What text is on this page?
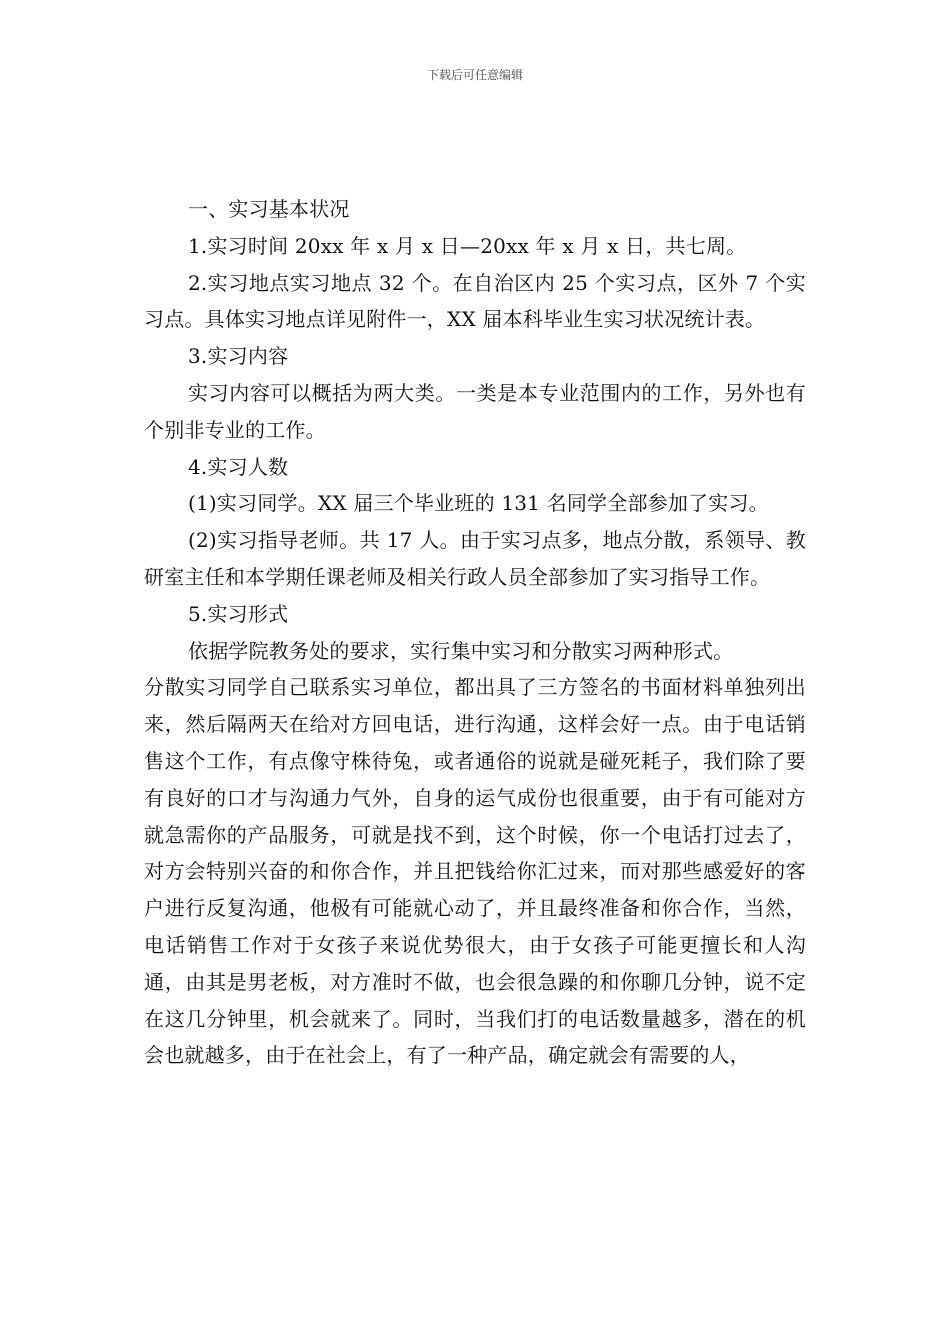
下载后可任意编辑

一、实习基本状况

1.实习时间 20xx 年 x 月 x 日—20xx 年 x 月 x 日，共七周。

2.实习地点实习地点 32 个。在自治区内 25 个实习点，区外 7 个实习点。具体实习地点详见附件一，XX 届本科毕业生实习状况统计表。

3.实习内容

实习内容可以概括为两大类。一类是本专业范围内的工作，另外也有个别非专业的工作。

4.实习人数

(1)实习同学。XX 届三个毕业班的 131 名同学全部参加了实习。

(2)实习指导老师。共 17 人。由于实习点多，地点分散，系领导、教研室主任和本学期任课老师及相关行政人员全部参加了实习指导工作。

5.实习形式

依据学院教务处的要求，实行集中实习和分散实习两种形式。

分散实习同学自己联系实习单位，都出具了三方签名的书面材料单独列出来，然后隔两天在给对方回电话，进行沟通，这样会好一点。由于电话销售这个工作，有点像守株待兔，或者通俗的说就是碰死耗子，我们除了要有良好的口才与沟通力气外，自身的运气成份也很重要，由于有可能对方就急需你的产品服务，可就是找不到，这个时候，你一个电话打过去了，对方会特别兴奋的和你合作，并且把钱给你汇过来，而对那些感爱好的客户进行反复沟通，他极有可能就心动了，并且最终准备和你合作，当然，电话销售工作对于女孩子来说优势很大，由于女孩子可能更擅长和人沟通，由其是男老板，对方准时不做，也会很急躁的和你聊几分钟，说不定在这几分钟里，机会就来了。同时，当我们打的电话数量越多，潜在的机会也就越多，由于在社会上，有了一种产品，确定就会有需要的人，
